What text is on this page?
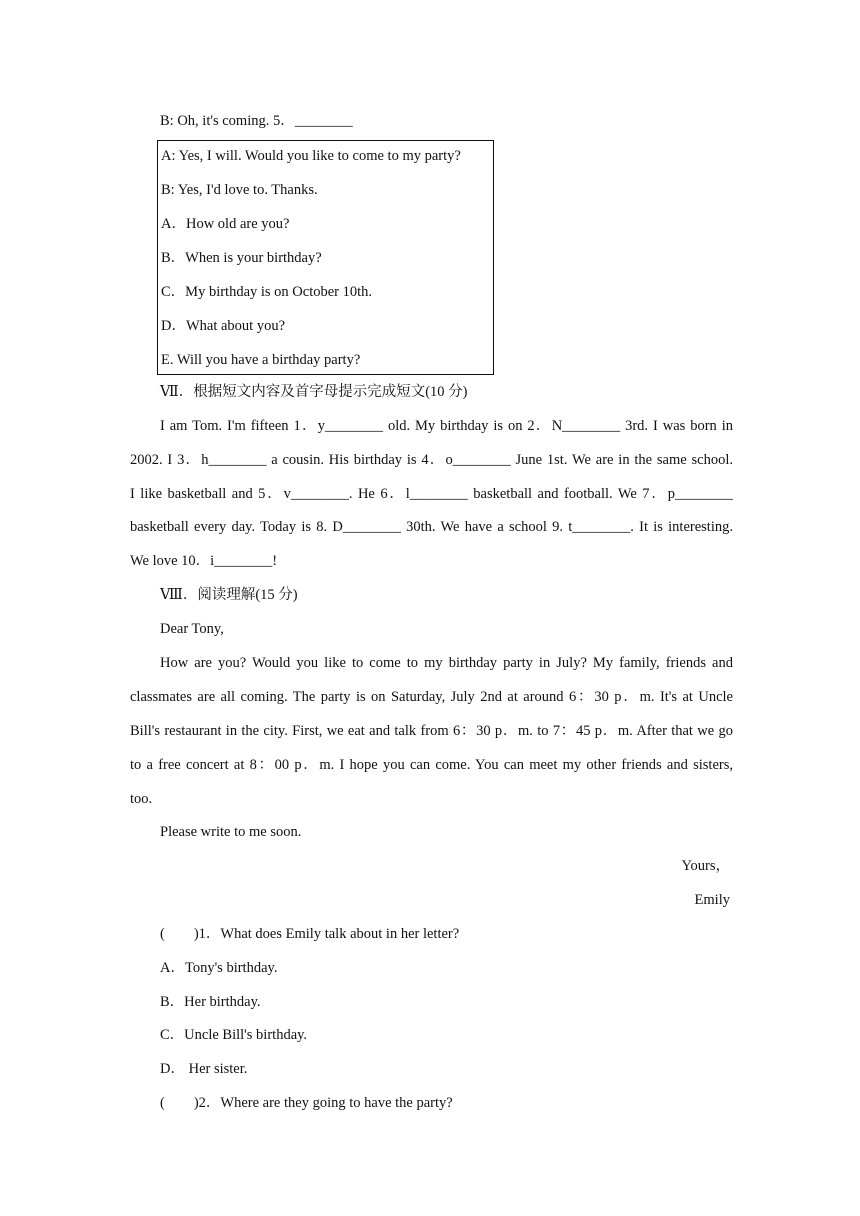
B: Oh, it's coming. 5．________
A: Yes, I will. Would you like to come to my party?
B: Yes, I'd love to. Thanks.
A．How old are you?
B．When is your birthday?
C．My birthday is on October 10th.
D．What about you?
E. Will you have a birthday party?
Ⅶ．根据短文内容及首字母提示完成短文(10 分)
I am Tom. I'm fifteen 1．y________ old. My birthday is on 2．N________ 3rd. I was born in
2002. I 3．h________ a cousin. His birthday is 4．o________ June 1st. We are in the same school.
I like basketball and 5．v________. He 6．l________ basketball and football. We 7．p________
basketball every day. Today is 8. D________ 30th. We have a school 9. t________. It is interesting.
We love 10．i________!
Ⅷ．阅读理解(15 分)
Dear Tony,
How are you? Would you like to come to my birthday party in July? My family, friends and
classmates are all coming. The party is on Saturday, July 2nd at around 6：30 p．m. It's at Uncle
Bill's restaurant in the city. First, we eat and talk from 6：30 p．m. to 7：45 p．m. After that we go
to a free concert at 8：00 p．m. I hope you can come. You can meet my other friends and sisters,
too.
Please write to me soon.
Yours，
Emily
(　　)1．What does Emily talk about in her letter?
A．Tony's birthday.
B．Her birthday.
C．Uncle Bill's birthday.
D． Her sister.
(　　)2．Where are they going to have the party?
